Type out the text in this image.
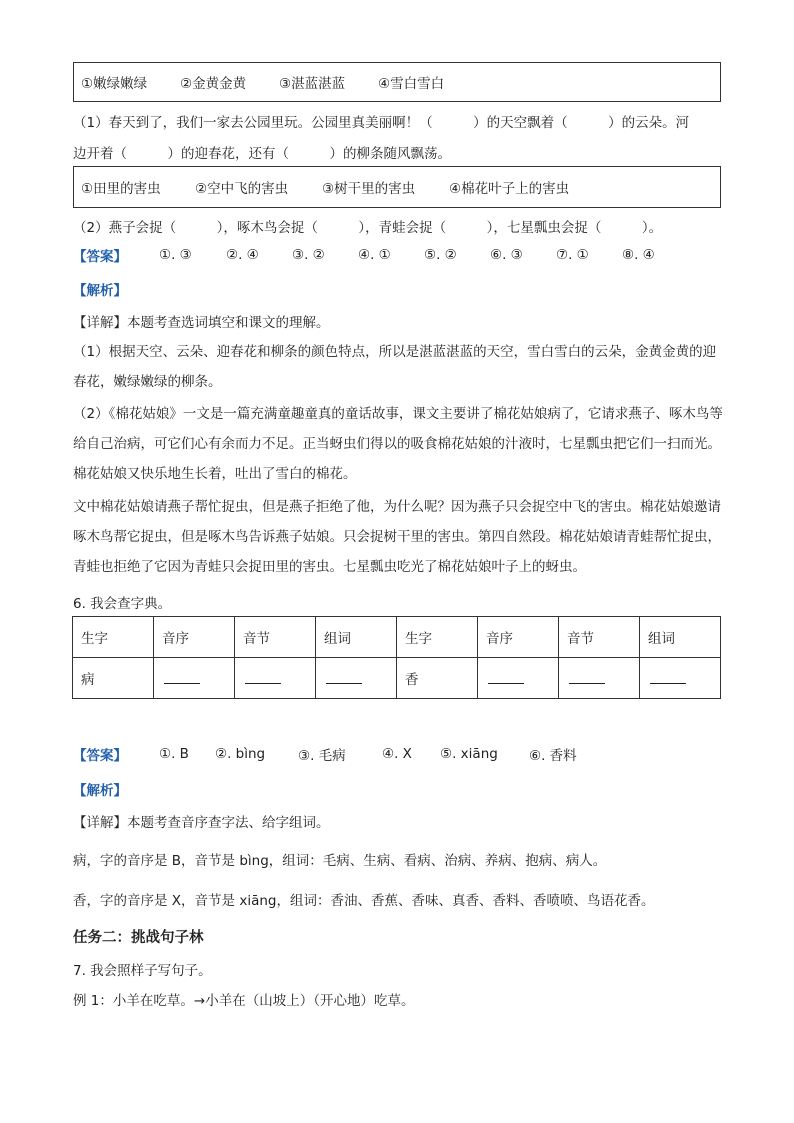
①嫩绿嫩绿	②金黄金黄	③湛蓝湛蓝	④雪白雪白
（1）春天到了，我们一家去公园里玩。公园里真美丽啊！（　　　）的天空飘着（　　　）的云朵。河
边开着（　　　）的迎春花，还有（　　　）的柳条随风飘荡。
①田里的害虫	②空中飞的害虫	③树干里的害虫	④棉花叶子上的害虫
（2）燕子会捉（　　　），啄木鸟会捉（　　　），青蛙会捉（　　　），七星瓢虫会捉（　　　）。
【答案】	①. ③	②. ④	③. ②	④. ①	⑤. ②	⑥. ③	⑦. ①	⑧. ④
【解析】
【详解】本题考查选词填空和课文的理解。
（1）根据天空、云朵、迎春花和柳条的颜色特点，所以是湛蓝湛蓝的天空，雪白雪白的云朵，金黄金黄的迎春花，嫩绿嫩绿的柳条。
（2）《棉花姑娘》一文是一篇充满童趣童真的童话故事，课文主要讲了棉花姑娘病了，它请求燕子、啄木鸟等给自己治病，可它们心有余而力不足。正当蚜虫们得以的吸食棉花姑娘的汁液时，七星瓢虫把它们一扫而光。棉花姑娘又快乐地生长着，吐出了雪白的棉花。
文中棉花姑娘请燕子帮忙捉虫，但是燕子拒绝了他，为什么呢？因为燕子只会捉空中飞的害虫。棉花姑娘邀请啄木鸟帮它捉虫，但是啄木鸟告诉燕子姑娘。只会捉树干里的害虫。第四自然段。棉花姑娘请青蛙帮忙捉虫，青蛙也拒绝了它因为青蛙只会捉田里的害虫。七星瓢虫吃光了棉花姑娘叶子上的蚜虫。
6. 我会查字典。
生字	音序	音节	组词	生字	音序	音节	组词
病				香			
【答案】	①. B	②. bìng	③. 毛病	④. X	⑤. xiāng	⑥. 香料
【解析】
【详解】本题考查音序查字法、给字组词。
病，字的音序是 B，音节是 bìng，组词：毛病、生病、看病、治病、养病、抱病、病人。
香，字的音序是 X，音节是 xiāng，组词：香油、香蕉、香味、真香、香料、香喷喷、鸟语花香。
任务二：挑战句子林
7. 我会照样子写句子。
例 1：小羊在吃草。→小羊在（山坡上）（开心地）吃草。
